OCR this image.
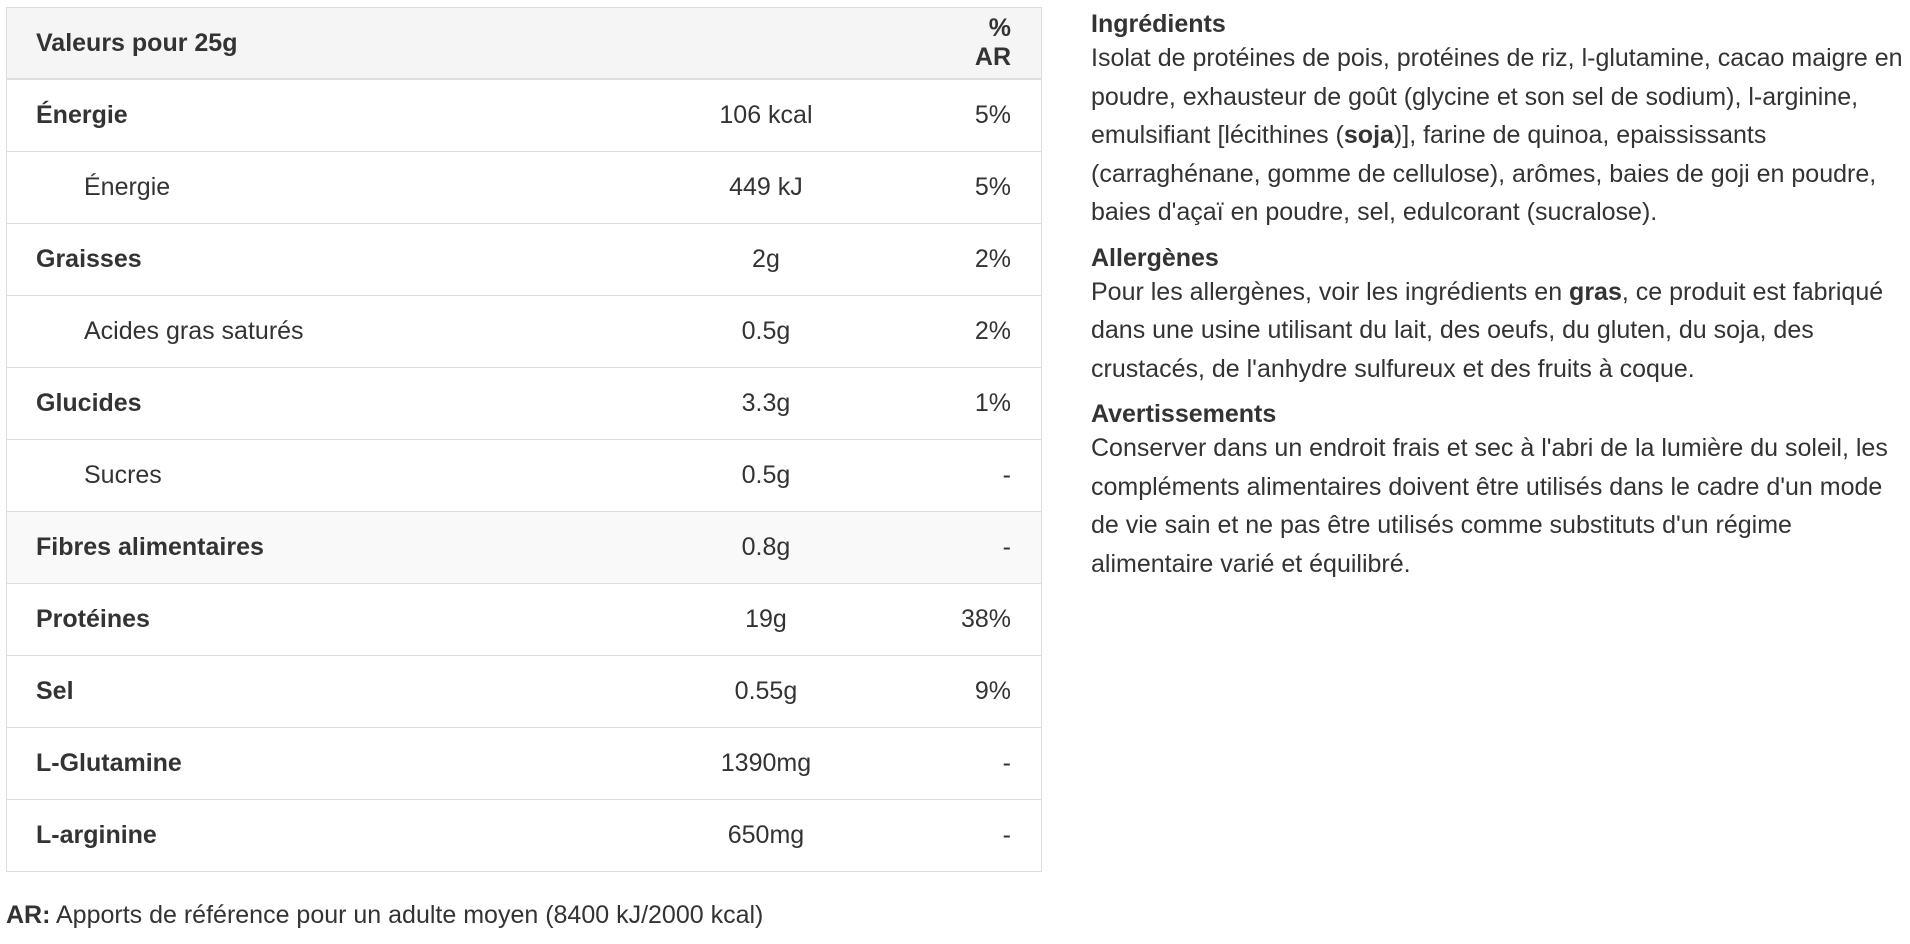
Valeurs pour 25g		% AR
Énergie	106 kcal	5%
Énergie	449 kJ	5%
Graisses	2g	2%
Acides gras saturés	0.5g	2%
Glucides	3.3g	1%
Sucres	0.5g	-
Fibres alimentaires	0.8g	-
Protéines	19g	38%
Sel	0.55g	9%
L-Glutamine	1390mg	-
L-arginine	650mg	-
AR: Apports de référence pour un adulte moyen (8400 kJ/2000 kcal)
Ingrédients

Isolat de protéines de pois, protéines de riz, l-glutamine, cacao maigre en poudre, exhausteur de goût (glycine et son sel de sodium), l-arginine, emulsifiant [lécithines (soja)], farine de quinoa, epaississants (carraghénane, gomme de cellulose), arômes, baies de goji en poudre, baies d'açaï en poudre, sel, edulcorant (sucralose).

Allergènes

Pour les allergènes, voir les ingrédients en gras, ce produit est fabriqué dans une usine utilisant du lait, des oeufs, du gluten, du soja, des crustacés, de l'anhydre sulfureux et des fruits à coque.

Avertissements

Conserver dans un endroit frais et sec à l'abri de la lumière du soleil, les compléments alimentaires doivent être utilisés dans le cadre d'un mode de vie sain et ne pas être utilisés comme substituts d'un régime alimentaire varié et équilibré.
